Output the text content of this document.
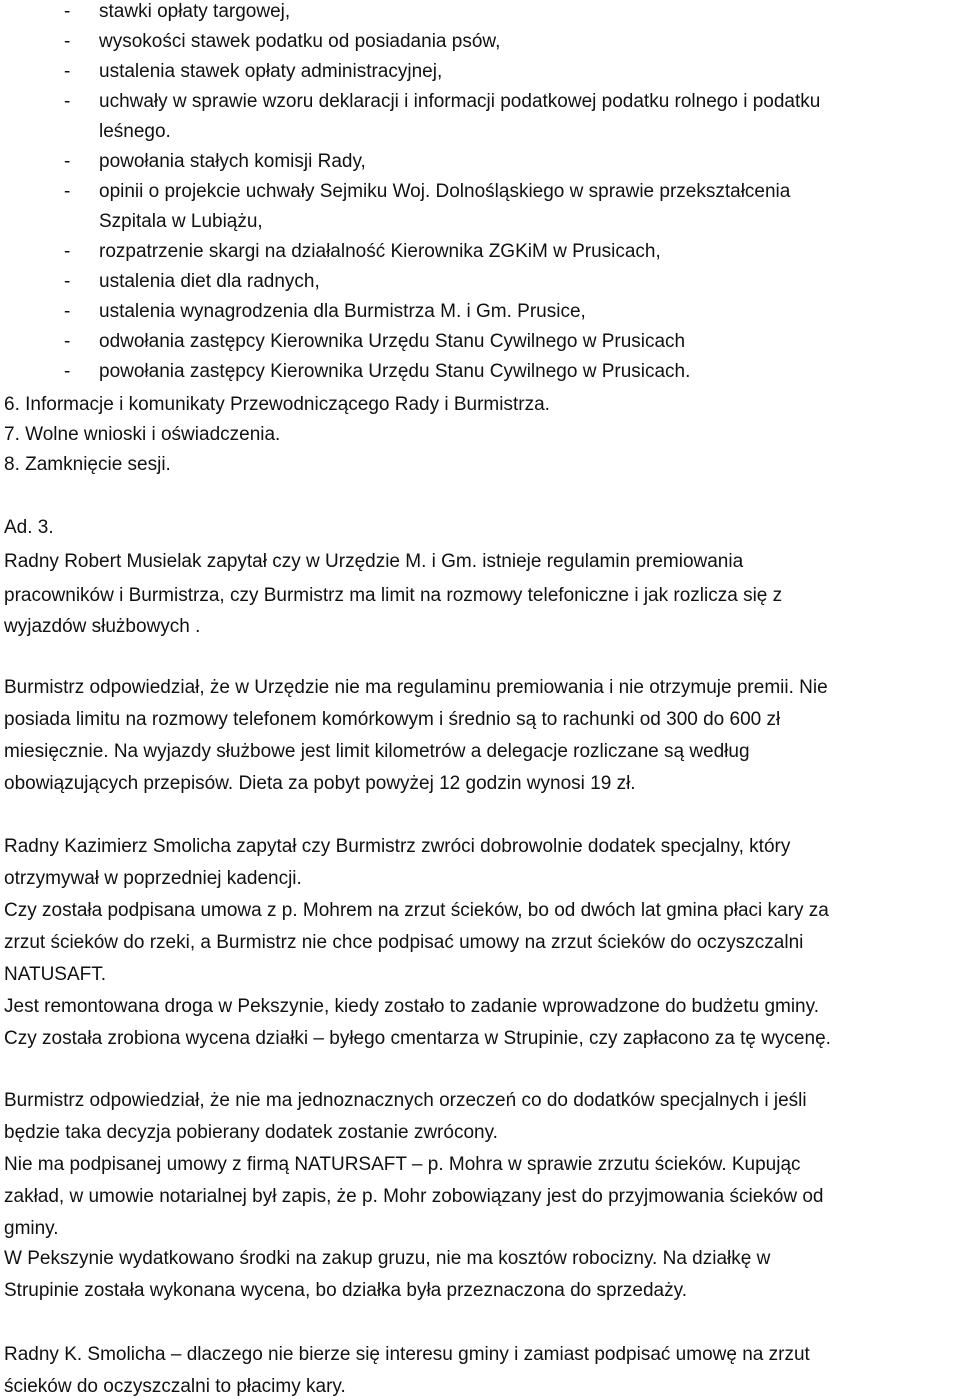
- stawki opłaty targowej,
- wysokości stawek podatku od posiadania psów,
- ustalenia stawek opłaty administracyjnej,
- uchwały w sprawie wzoru deklaracji i informacji podatkowej podatku rolnego i podatku
leśnego.
- powołania stałych komisji Rady,
- opinii o projekcie uchwały Sejmiku Woj. Dolnośląskiego w sprawie przekształcenia
Szpitala w Lubiążu,
- rozpatrzenie skargi na działalność Kierownika ZGKiM w Prusicach,
- ustalenia diet dla radnych,
- ustalenia wynagrodzenia dla Burmistrza M. i Gm. Prusice,
- odwołania zastępcy Kierownika Urzędu Stanu Cywilnego w Prusicach
- powołania zastępcy Kierownika Urzędu Stanu Cywilnego w Prusicach.
6. Informacje i komunikaty Przewodniczącego Rady i Burmistrza.
7. Wolne wnioski i oświadczenia.
8. Zamknięcie sesji.
Ad. 3.
Radny Robert Musielak zapytał czy w Urzędzie M. i Gm. istnieje regulamin premiowania
pracowników i Burmistrza, czy Burmistrz ma limit na rozmowy telefoniczne i jak rozlicza się z
wyjazdów służbowych .
Burmistrz odpowiedział, że w Urzędzie nie ma regulaminu premiowania i nie otrzymuje premii. Nie
posiada limitu na rozmowy telefonem komórkowym i średnio są to rachunki od 300 do 600 zł
miesięcznie. Na wyjazdy służbowe jest limit kilometrów a delegacje rozliczane są według
obowiązujących przepisów. Dieta za pobyt powyżej 12 godzin wynosi 19 zł.
Radny Kazimierz Smolicha zapytał czy Burmistrz zwróci dobrowolnie dodatek specjalny, który
otrzymywał w poprzedniej kadencji.
Czy została podpisana umowa z p. Mohrem na zrzut ścieków, bo od dwóch lat gmina płaci kary za
zrzut ścieków do rzeki, a Burmistrz nie chce podpisać umowy na zrzut ścieków do oczyszczalni
NATUSAFT.
Jest remontowana droga w Pekszynie, kiedy zostało to zadanie wprowadzone do budżetu gminy.
Czy została zrobiona wycena działki – byłego cmentarza w Strupinie, czy zapłacono za tę wycenę.
Burmistrz odpowiedział, że nie ma jednoznacznych orzeczeń co do dodatków specjalnych i jeśli
będzie taka decyzja pobierany dodatek zostanie zwrócony.
Nie ma podpisanej umowy z firmą NATURSAFT – p. Mohra w sprawie zrzutu ścieków. Kupując
zakład, w umowie notarialnej był zapis, że p. Mohr zobowiązany jest do przyjmowania ścieków od
gminy.
W Pekszynie wydatkowano środki na zakup gruzu, nie ma kosztów robocizny. Na działkę w
Strupinie została wykonana wycena, bo działka była przeznaczona do sprzedaży.
Radny K. Smolicha – dlaczego nie bierze się interesu gminy i zamiast podpisać umowę na zrzut
ścieków do oczyszczalni to płacimy kary.
